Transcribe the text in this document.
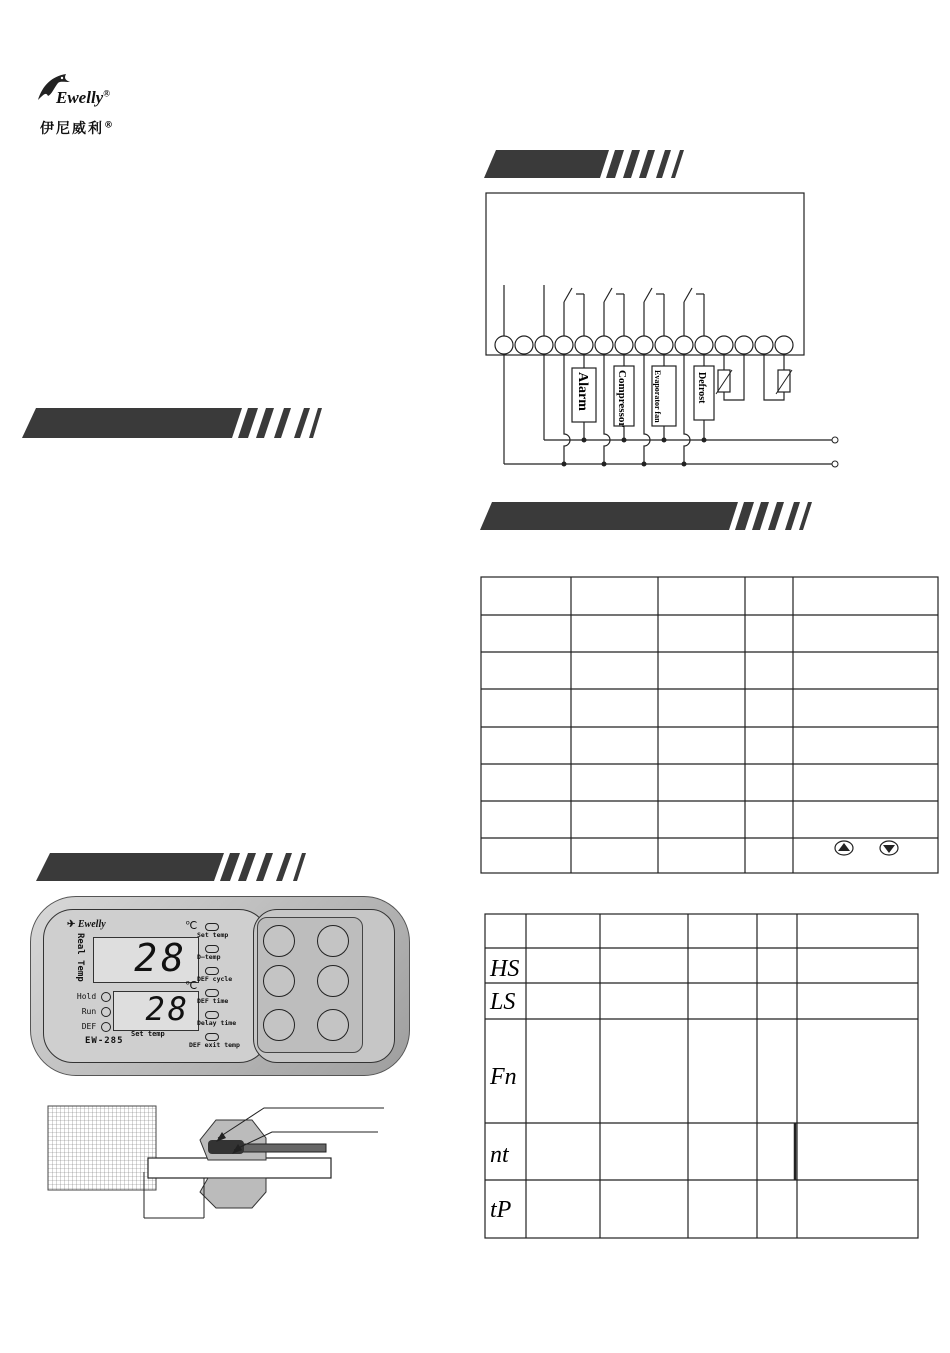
Ewelly®
伊尼威利®
Alarm Compressor	Evaporator fan	Defrost
HS
LS
Fn
nt
tP
✈ Ewelly
Real Temp 28
℃
28
℃
Set temp
Hold
Run
DEF
EW-285
Set temp
D—temp
DEF cycle
DEF time
Delay time
DEF exit temp
